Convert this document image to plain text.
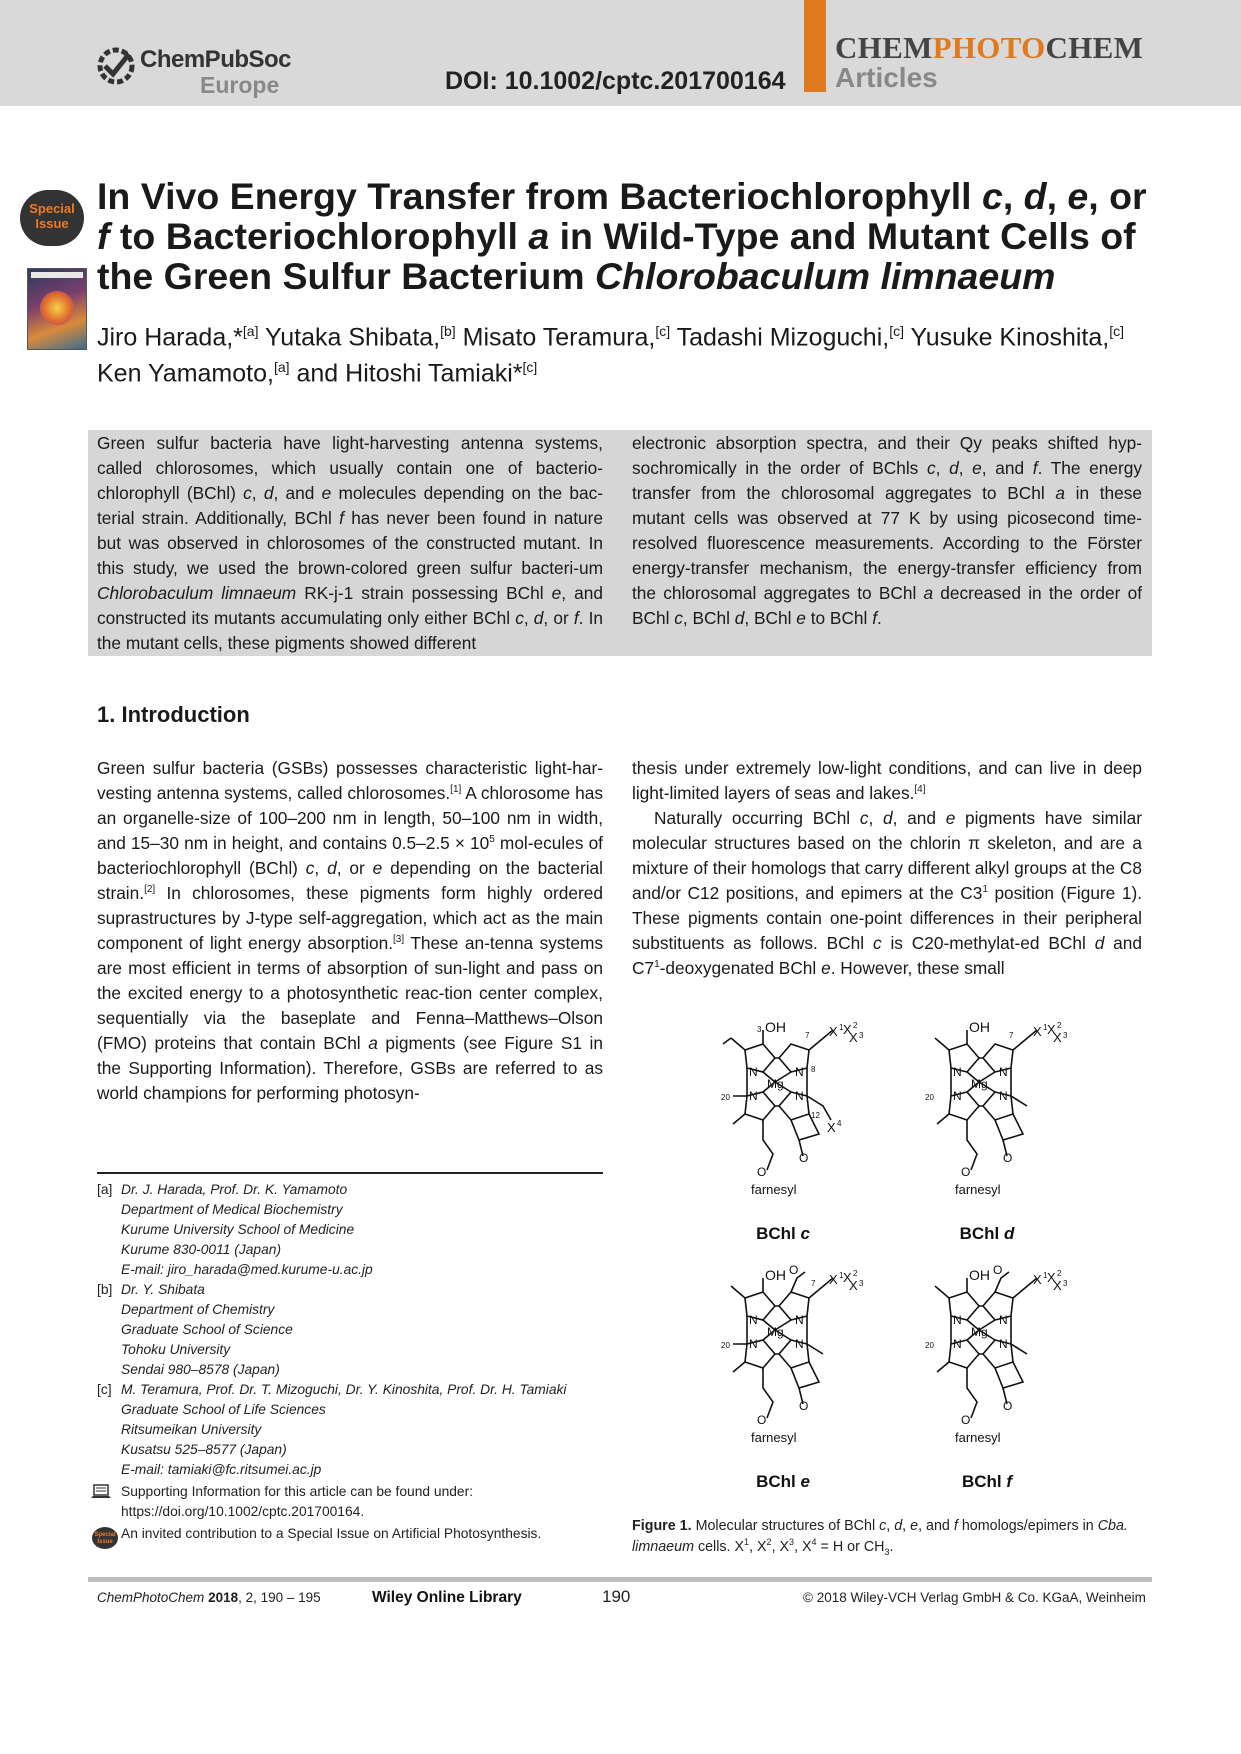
ChemPubSoc
Europe	DOI: 10.1002/cptc.201700164
CHEMPHOTOCHEM
Articles
Special
Issue
In Vivo Energy Transfer from Bacteriochlorophyll c, d, e, or f to Bacteriochlorophyll a in Wild-Type and Mutant Cells of the Green Sulfur Bacterium Chlorobaculum limnaeum
Jiro Harada,*[a] Yutaka Shibata,[b] Misato Teramura,[c] Tadashi Mizoguchi,[c] Yusuke Kinoshita,[c]
Ken Yamamoto,[a] and Hitoshi Tamiaki*[c]

Green sulfur bacteria have light-harvesting antenna systems, called chlorosomes, which usually contain one of bacterio-chlorophyll (BChl) c, d, and e molecules depending on the bac-terial strain. Additionally, BChl f has never been found in nature but was observed in chlorosomes of the constructed mutant. In this study, we used the brown-colored green sulfur bacteri-um Chlorobaculum limnaeum RK-j-1 strain possessing BChl e, and constructed its mutants accumulating only either BChl c, d, or f. In the mutant cells, these pigments showed different

electronic absorption spectra, and their Qy peaks shifted hyp-sochromically in the order of BChls c, d, e, and f. The energy transfer from the chlorosomal aggregates to BChl a in these mutant cells was observed at 77 K by using picosecond time-resolved fluorescence measurements. According to the Förster energy-transfer mechanism, the energy-transfer efficiency from the chlorosomal aggregates to BChl a decreased in the order of BChl c, BChl d, BChl e to BChl f.

1. Introduction

Green sulfur bacteria (GSBs) possesses characteristic light-har-vesting antenna systems, called chlorosomes.[1] A chlorosome has an organelle-size of 100–200 nm in length, 50–100 nm in width, and 15–30 nm in height, and contains $0.5-2.5 \times 10^5$ mol-ecules of bacteriochlorophyll (BChl) c, d, or e depending on the bacterial strain.[2] In chlorosomes, these pigments form highly ordered suprastructures by J-type self-aggregation, which act as the main component of light energy absorption.[3] These an-tenna systems are most efficient in terms of absorption of sun-light and pass on the excited energy to a photosynthetic reac-tion center complex, sequentially via the baseplate and Fenna–Matthews–Olson (FMO) proteins that contain BChl a pigments (see Figure S1 in the Supporting Information). Therefore, GSBs are referred to as world champions for performing photosyn-

thesis under extremely low-light conditions, and can live in deep light-limited layers of seas and lakes.[4]

Naturally occurring BChl c, d, and e pigments have similar molecular structures based on the chlorin π skeleton, and are a mixture of their homologs that carry different alkyl groups at the C8 and/or C12 positions, and epimers at the $C3^1$ position (Figure 1). These pigments contain one-point differences in their peripheral substituents as follows. BChl c is C20-methylat-ed BChl d and $C7^1$-deoxygenated BChl e. However, these small

[a] Dr. J. Harada, Prof. Dr. K. Yamamoto
Department of Medical Biochemistry
Kurume University School of Medicine
Kurume 830-0011 (Japan)
E-mail: jiro_harada@med.kurume-u.ac.jp
[b] Dr. Y. Shibata
Department of Chemistry
Graduate School of Science
Tohoku University
Sendai 980–8578 (Japan)
[c] M. Teramura, Prof. Dr. T. Mizoguchi, Dr. Y. Kinoshita, Prof. Dr. H. Tamiaki
Graduate School of Life Sciences
Ritsumeikan University
Kusatsu 525–8577 (Japan)
E-mail: tamiaki@fc.ritsumei.ac.jp
Supporting Information for this article can be found under:
https://doi.org/10.1002/cptc.201700164.
Special
Issue
An invited contribution to a Special Issue on Artificial Photosynthesis.
OH
3
7 X 1 X 2
X 3
8
X 4
12
20
N	N
N	N
Mg
O
O
farnesyl
BChl c
OH
7 X 1 X 2
X 3
20
N	N
N	N
Mg
O
O
farnesyl
BChl d
OH O
7 X 1 X 2
X 3
20
N	N
N	N
Mg
O
O
farnesyl
BChl e
OH O
X 1 X 2
X 3
20
N	N
N	N
Mg
O
O
farnesyl
BChl f
Figure 1. Molecular structures of BChl c, d, e, and f homologs/epimers in Cba. limnaeum cells. $X^1$, $X^2$, $X^3$, $X^4 = H$ or $CH_3$.
ChemPhotoChem 2018, 2, 190 – 195	Wiley Online Library	190	© 2018 Wiley-VCH Verlag GmbH & Co. KGaA, Weinheim
